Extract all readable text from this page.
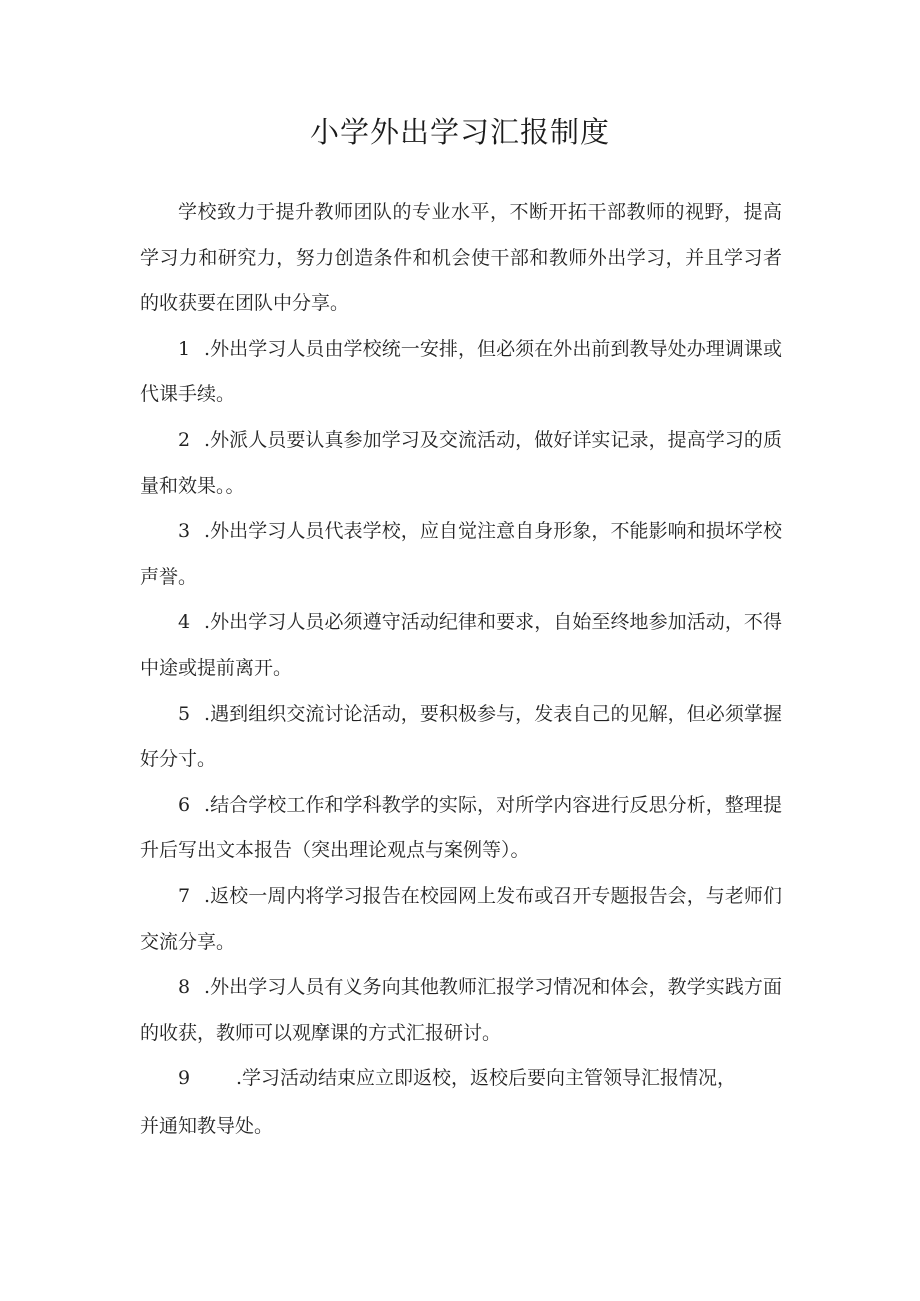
小学外出学习汇报制度

学校致力于提升教师团队的专业水平，不断开拓干部教师的视野，提高学习力和研究力，努力创造条件和机会使干部和教师外出学习，并且学习者的收获要在团队中分享。

1 .外出学习人员由学校统一安排，但必须在外出前到教导处办理调课或代课手续。

2 .外派人员要认真参加学习及交流活动，做好详实记录，提高学习的质量和效果。。

3 .外出学习人员代表学校，应自觉注意自身形象，不能影响和损坏学校声誉。

4 .外出学习人员必须遵守活动纪律和要求，自始至终地参加活动，不得中途或提前离开。

5 .遇到组织交流讨论活动，要积极参与，发表自己的见解，但必须掌握好分寸。

6 .结合学校工作和学科教学的实际，对所学内容进行反思分析，整理提升后写出文本报告（突出理论观点与案例等）。

7 .返校一周内将学习报告在校园网上发布或召开专题报告会，与老师们交流分享。

8 .外出学习人员有义务向其他教师汇报学习情况和体会，教学实践方面的收获，教师可以观摩课的方式汇报研讨。

9 .学习活动结束应立即返校，返校后要向主管领导汇报情况，
并通知教导处。
